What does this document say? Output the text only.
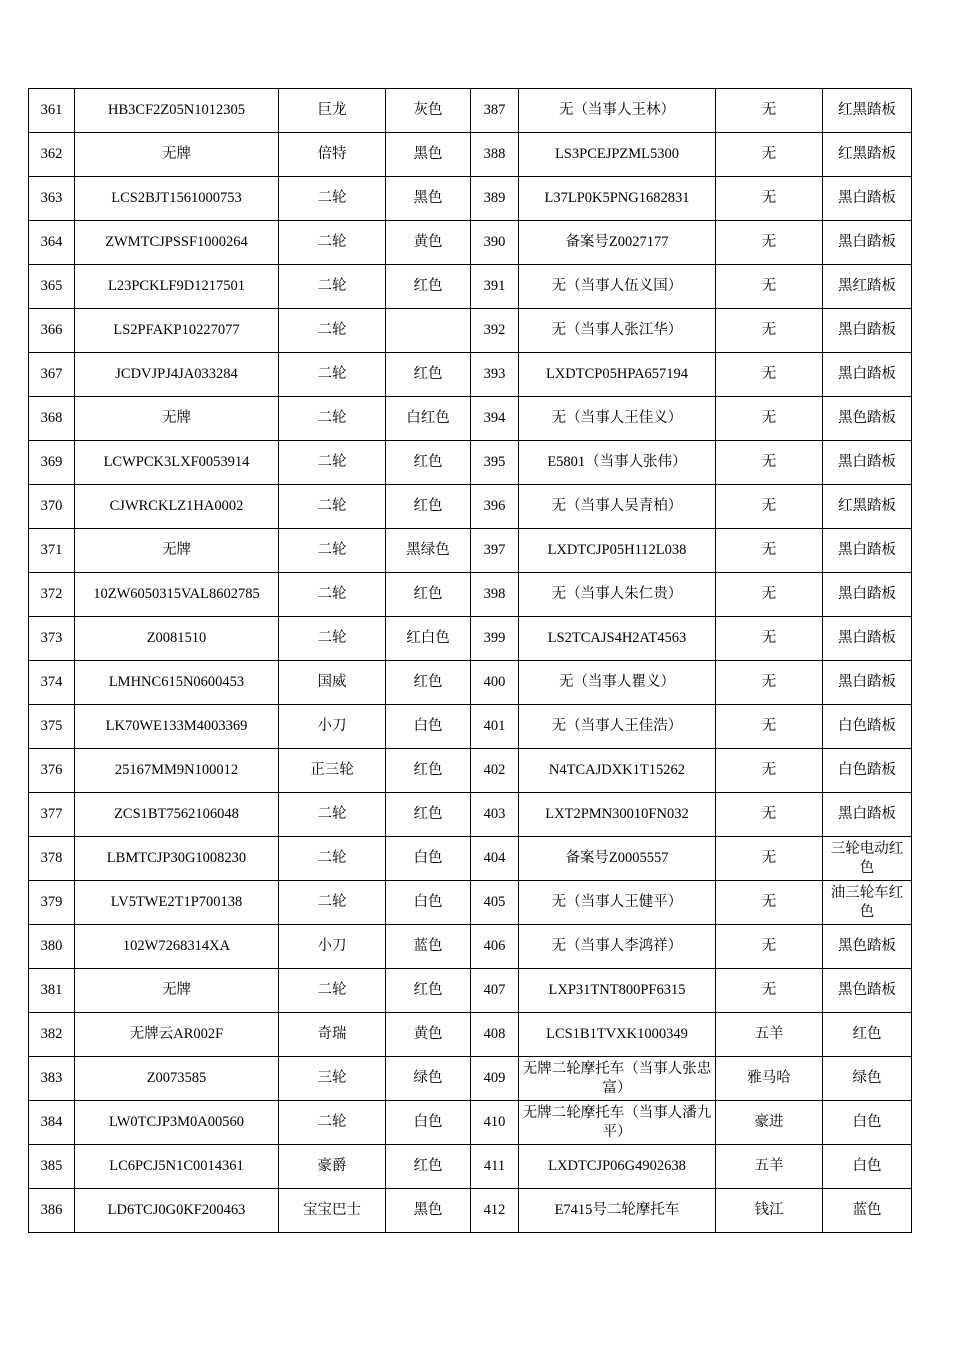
361	HB3CF2Z05N1012305	巨龙	灰色	387	无（当事人王林）	无	红黑踏板
362	无牌	倍特	黑色	388	LS3PCEJPZML5300	无	红黑踏板
363	LCS2BJT1561000753	二轮	黑色	389	L37LP0K5PNG1682831	无	黑白踏板
364	ZWMTCJPSSF1000264	二轮	黄色	390	备案号Z0027177	无	黑白踏板
365	L23PCKLF9D1217501	二轮	红色	391	无（当事人伍义国）	无	黑红踏板
366	LS2PFAKP10227077	二轮		392	无（当事人张江华）	无	黑白踏板
367	JCDVJPJ4JA033284	二轮	红色	393	LXDTCP05HPA657194	无	黑白踏板
368	无牌	二轮	白红色	394	无（当事人王佳义）	无	黑色踏板
369	LCWPCK3LXF0053914	二轮	红色	395	E5801（当事人张伟）	无	黑白踏板
370	CJWRCKLZ1HA0002	二轮	红色	396	无（当事人吴青柏）	无	红黑踏板
371	无牌	二轮	黑绿色	397	LXDTCJP05H112L038	无	黑白踏板
372	10ZW6050315VAL8602785	二轮	红色	398	无（当事人朱仁贵）	无	黑白踏板
373	Z0081510	二轮	红白色	399	LS2TCAJS4H2AT4563	无	黑白踏板
374	LMHNC615N0600453	国威	红色	400	无（当事人瞿义）	无	黑白踏板
375	LK70WE133M4003369	小刀	白色	401	无（当事人王佳浩）	无	白色踏板
376	25167MM9N100012	正三轮	红色	402	N4TCAJDXK1T15262	无	白色踏板
377	ZCS1BT7562106048	二轮	红色	403	LXT2PMN30010FN032	无	黑白踏板
378	LBMTCJP30G1008230	二轮	白色	404	备案号Z0005557	无	三轮电动红色
379	LV5TWE2T1P700138	二轮	白色	405	无（当事人王健平）	无	油三轮车红色
380	102W7268314XA	小刀	蓝色	406	无（当事人李鸿祥）	无	黑色踏板
381	无牌	二轮	红色	407	LXP31TNT800PF6315	无	黑色踏板
382	无牌云AR002F	奇瑞	黄色	408	LCS1B1TVXK1000349	五羊	红色
383	Z0073585	三轮	绿色	409	无牌二轮摩托车（当事人张忠富）	雅马哈	绿色
384	LW0TCJP3M0A00560	二轮	白色	410	无牌二轮摩托车（当事人潘九平）	豪进	白色
385	LC6PCJ5N1C0014361	豪爵	红色	411	LXDTCJP06G4902638	五羊	白色
386	LD6TCJ0G0KF200463	宝宝巴士	黑色	412	E7415号二轮摩托车	钱江	蓝色
